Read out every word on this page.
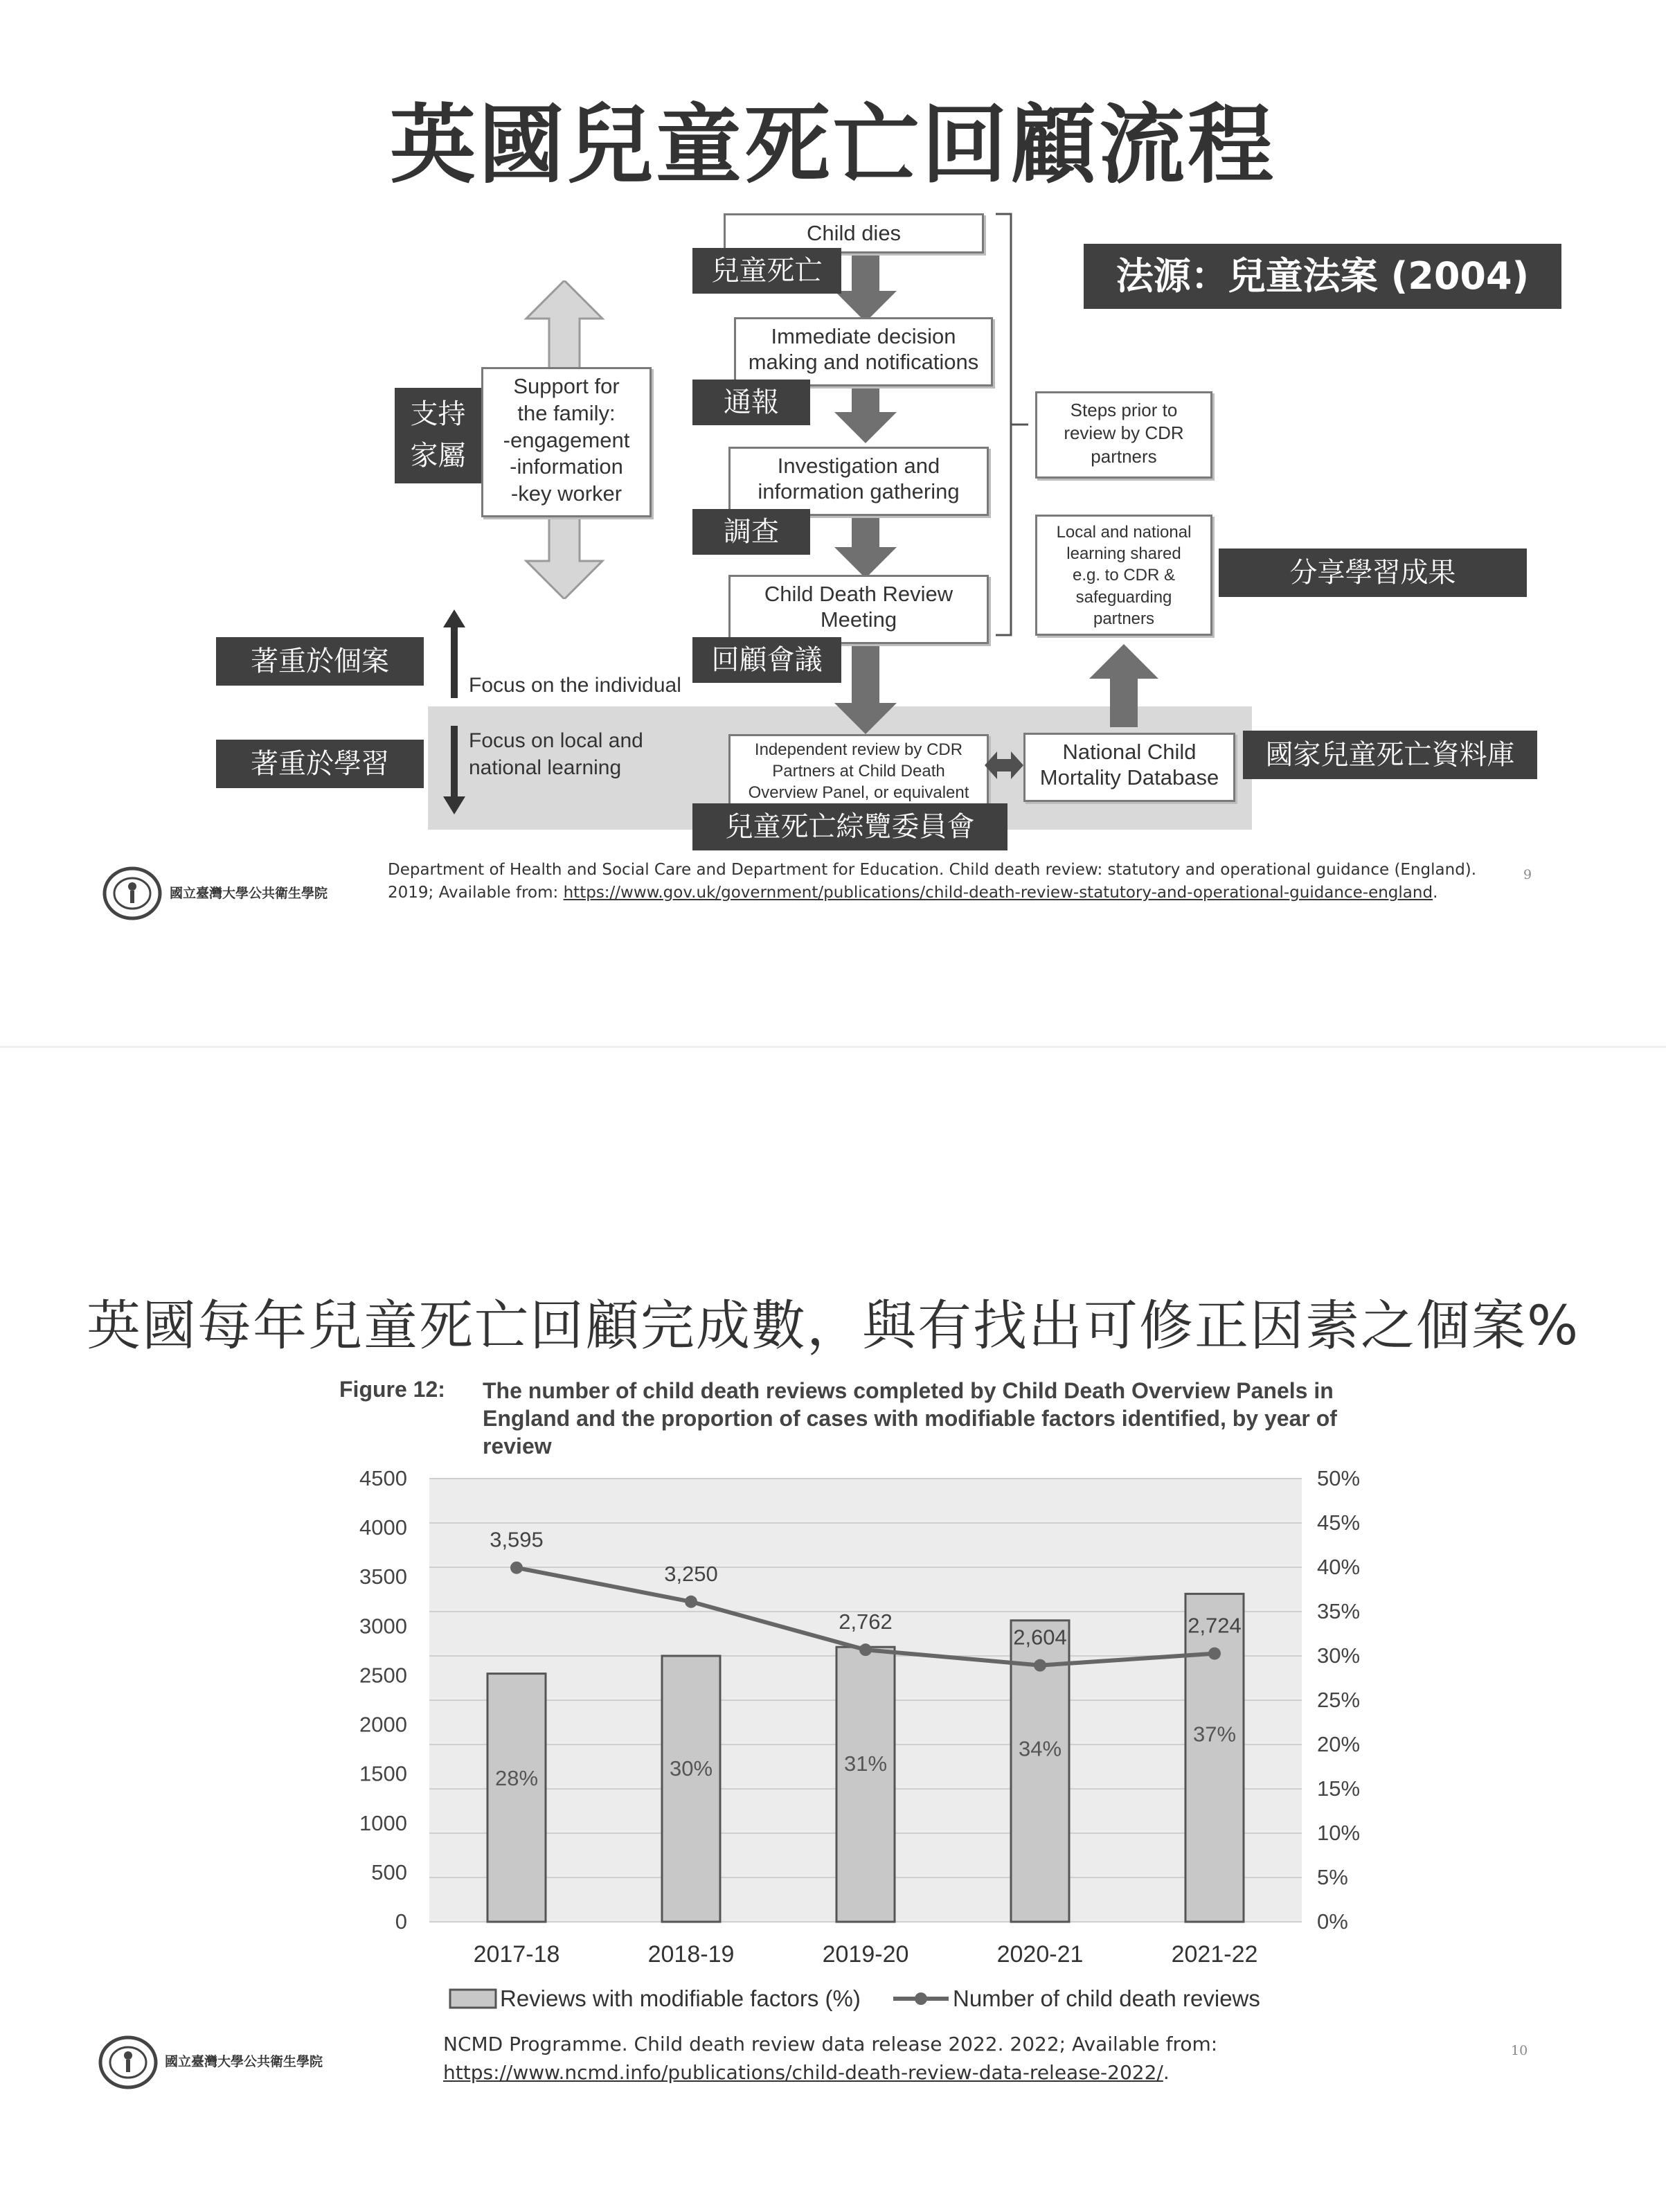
英國兒童死亡回顧流程
法源：兒童法案 (2004)
Child dies
兒童死亡
Immediate decision
making and notifications
通報
Investigation and
information gathering
調查
Child Death Review
Meeting
回顧會議
Independent review by CDR
Partners at Child Death
Overview Panel, or equivalent
兒童死亡綜覽委員會
National Child
Mortality Database
國家兒童死亡資料庫
Steps prior to
review by CDR
partners
Local and national
learning shared
e.g. to CDR &
safeguarding
partners
分享學習成果
Support for
the family:
-engagement
-information
-key worker
支持
家屬
Focus on the individual
著重於個案
Focus on local and
national learning
著重於學習
Department of Health and Social Care and Department for Education. Child death review: statutory and operational guidance (England).
2019; Available from: https://www.gov.uk/government/publications/child-death-review-statutory-and-operational-guidance-england.
國立臺灣大學公共衛生學院
9
英國每年兒童死亡回顧完成數，與有找出可修正因素之個案%
Figure 12: The number of child death reviews completed by Child Death Overview Panels in
England and the proportion of cases with modifiable factors identified, by year of
review
0%
5%
10%
15%
20%
25%
30%
35%
40%
45%
50%
0
500
1000
1500
2000
2500
3000
3500
4000
4500
28%	30%	31%
34%
37%
3,595
3,250
2,762
2,604	2,724
2017-18	2018-19	2019-20	2020-21	2021-22
Reviews with modifiable factors (%)	Number of child death reviews
NCMD Programme. Child death review data release 2022. 2022; Available from:
https://www.ncmd.info/publications/child-death-review-data-release-2022/.
國立臺灣大學公共衛生學院
10
